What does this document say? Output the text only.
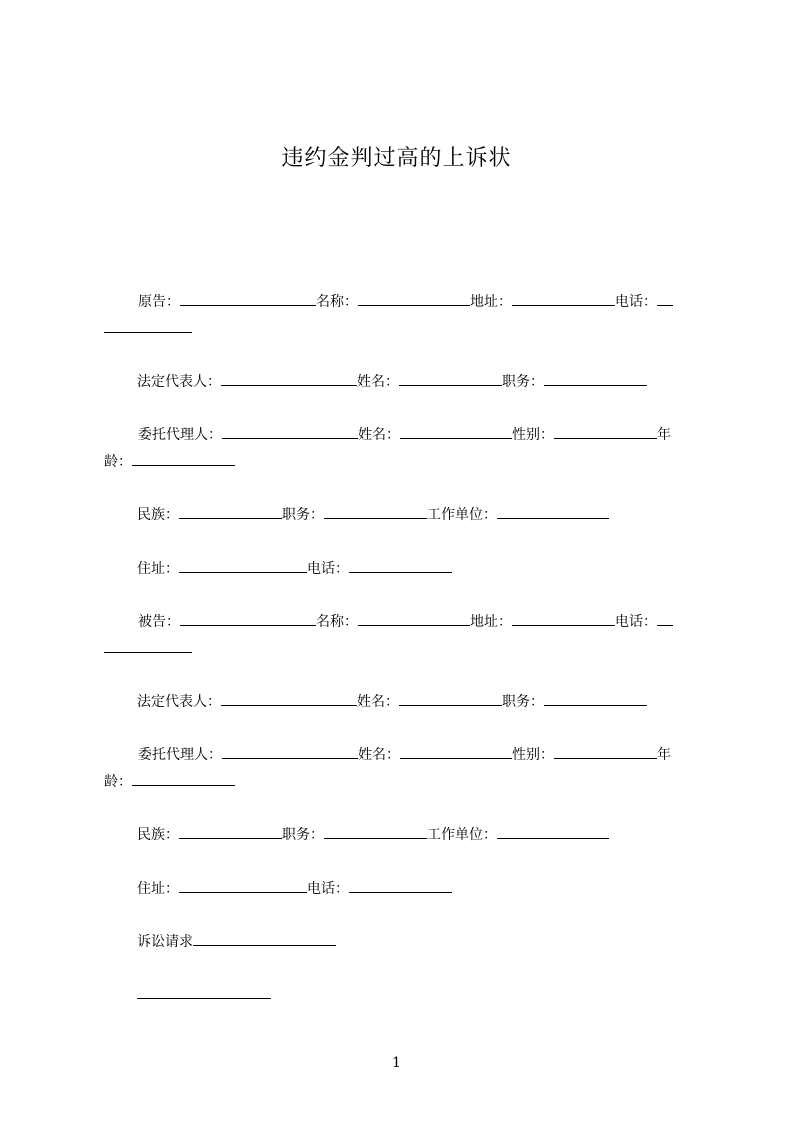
违约金判过高的上诉状
原告：	名称：	地址：	电话：
法定代表人：	姓名：	职务：
委托代理人：	姓名：	性别：	年
龄：
民族：	职务：	工作单位：
住址：	电话：
被告：	名称：	地址：	电话：
法定代表人：	姓名：	职务：
委托代理人：	姓名：	性别：	年
龄：
民族：	职务：	工作单位：
住址：	电话：
诉讼请求
1
